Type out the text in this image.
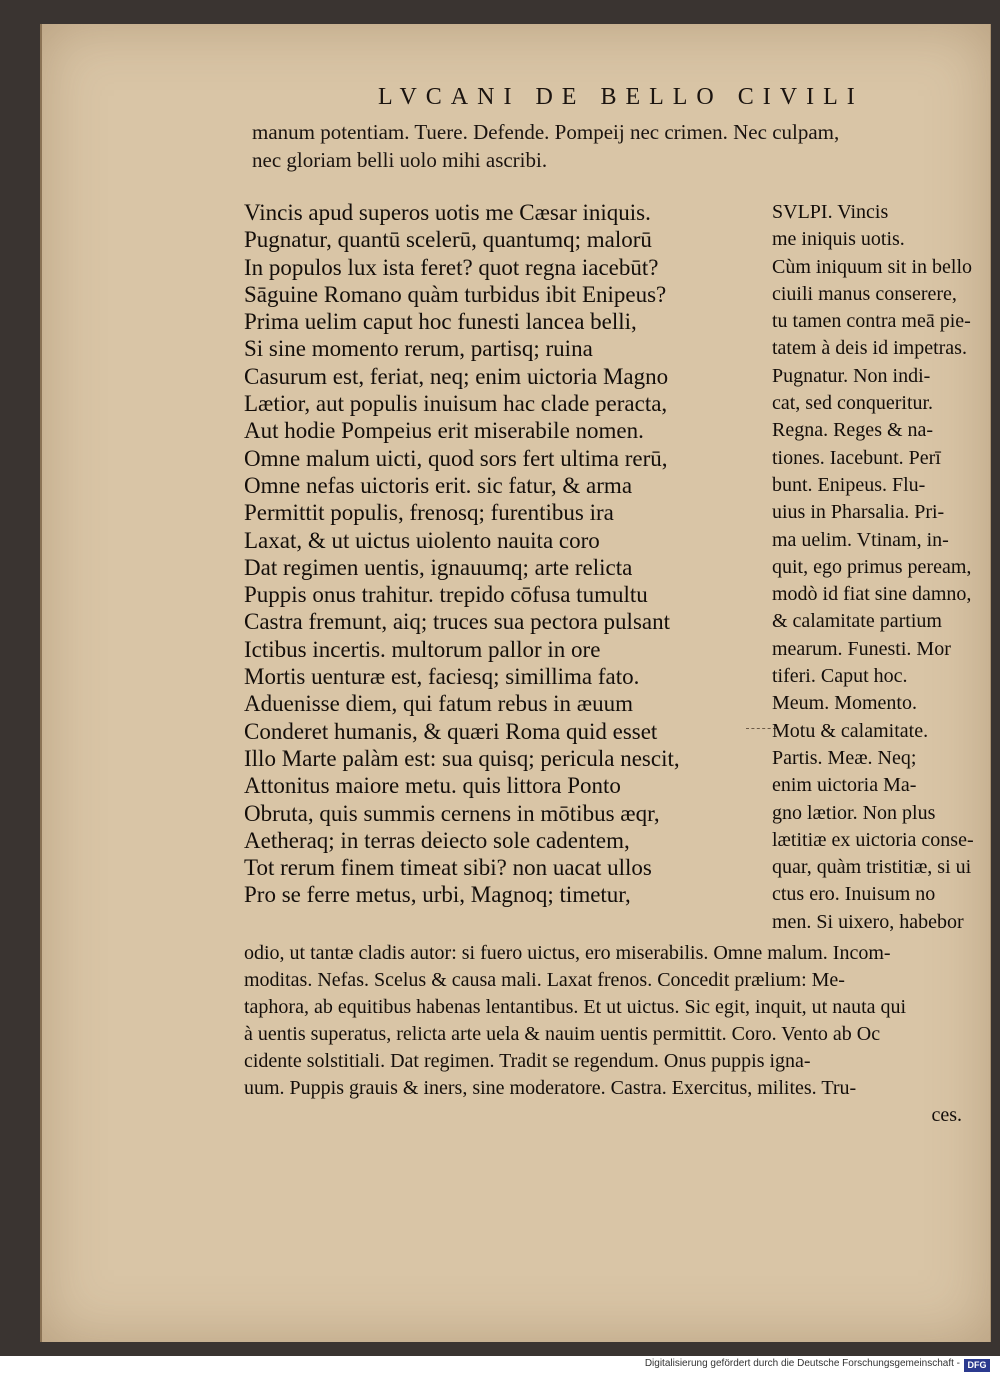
LVCANI DE BELLO CIVILI
manum potentiam. Tuere. Defende. Pompeij nec crimen. Nec culpam,
nec gloriam belli uolo mihi ascribi.
Vincis apud superos uotis me Cæsar iniquis.
Pugnatur, quantū scelerū, quantumq; malorū
In populos lux ista feret? quot regna iacebūt?
Sāguine Romano quàm turbidus ibit Enipeus?
Prima uelim caput hoc funesti lancea belli,
Si sine momento rerum, partisq; ruina
Casurum est, feriat, neq; enim uictoria Magno
Lætior, aut populis inuisum hac clade peracta,
Aut hodie Pompeius erit miserabile nomen.
Omne malum uicti, quod sors fert ultima rerū,
Omne nefas uictoris erit. sic fatur, & arma
Permittit populis, frenosq; furentibus ira
Laxat, & ut uictus uiolento nauita coro
Dat regimen uentis, ignauumq; arte relicta
Puppis onus trahitur. trepido cōfusa tumultu
Castra fremunt, aiq; truces sua pectora pulsant
Ictibus incertis. multorum pallor in ore
Mortis uenturæ est, faciesq; simillima fato.
Aduenisse diem, qui fatum rebus in æuum
Conderet humanis, & quæri Roma quid esset
Illo Marte palàm est: sua quisq; pericula nescit,
Attonitus maiore metu. quis littora Ponto
Obruta, quis summis cernens in mōtibus æqr,
Aetheraq; in terras deiecto sole cadentem,
Tot rerum finem timeat sibi? non uacat ullos
Pro se ferre metus, urbi, Magnoq; timetur,
SVLPI. Vincis
me iniquis uotis.
Cùm iniquum sit in bello
ciuili manus conserere,
tu tamen contra meā pie-
tatem à deis id impetras.
Pugnatur. Non indi-
cat, sed conqueritur.
Regna. Reges & na-
tiones. Iacebunt. Perī
bunt. Enipeus. Flu-
uius in Pharsalia. Pri-
ma uelim. Vtinam, in-
quit, ego primus peream,
modò id fiat sine damno,
& calamitate partium
mearum. Funesti. Mor
tiferi. Caput hoc.
Meum. Momento.
Motu & calamitate.
Partis. Meæ. Neq;
enim uictoria Ma-
gno lætior. Non plus
lætitiæ ex uictoria conse-
quar, quàm tristitiæ, si ui
ctus ero. Inuisum no
men. Si uixero, habebor
odio, ut tantæ cladis autor: si fuero uictus, ero miserabilis. Omne malum. Incom-
moditas. Nefas. Scelus & causa mali. Laxat frenos. Concedit prælium: Me-
taphora, ab equitibus habenas lentantibus. Et ut uictus. Sic egit, inquit, ut nauta qui
à uentis superatus, relicta arte uela & nauim uentis permittit. Coro. Vento ab Oc
cidente solstitiali. Dat regimen. Tradit se regendum. Onus puppis igna-
uum. Puppis grauis & iners, sine moderatore. Castra. Exercitus, milites. Tru-
ces.
Digitalisierung gefördert durch die Deutsche Forschungsgemeinschaft - DFG
